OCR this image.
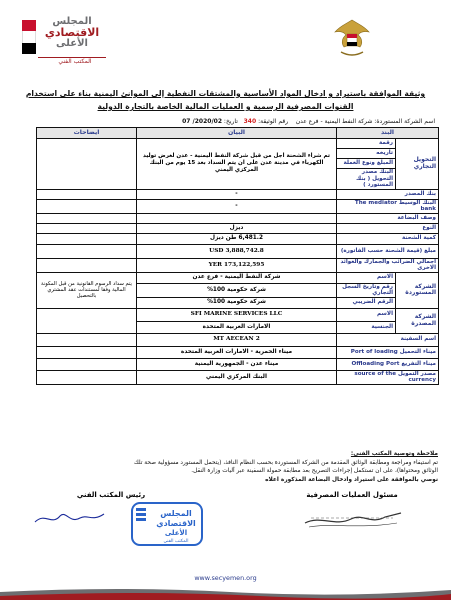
المجلس
الاقتصادي
الأعلى
المكتب الفني
وثيقة الموافقة باستيراد و ادخال المواد الأساسية والمشتقات النفطية إلى الموانئ اليمنية بناء على استخدام
القنوات المصرفية الرسمية و العمليات المالية الخاصة بالتجارة الدولية
اسم الشركة المستوردة: شركة النفط اليمنية - فرع عدن    رقم الوثيقة: 340   تاريخ: 2020/02/ 07
البند		البيان	ايضاحات
التحويل التجاري	رقمة	تم شراء الشحنة اجل من قبل شركة النفط اليمنية - عدن لغرض توليد الكهرباء في مدينة عدن على ان يتم السداد بعد 15 يوم من البنك المركزي اليمني	
	تاريخه		
	المبلغ ونوع العملة		
	البنك مصدر التحويل ( بنك المستورد )		
بنك المصدر		-	
البنك الوسيط The mediator bank		-	
وصف البضاعة			
النوع		ديزل	
كمية الشحنة		6,481.2 طن ديزل	
مبلغ (قيمة الشحنة حسب الفاتورة)		3,888,742.8 USD	
اجمالي الضرائب والجمارك والعوائد الاخرى		YER 173,122,595	
الشركة المستوردة	الاسم	شركة النفط اليمنية - فرع عدن	يتم سداد الرسوم القانونية من قبل المكونة المالية وفقا لمستندات عقد المشتري بالتحصيل
	رقم وتاريخ السجل التجاري	شركة حكومية 100%	
	الرقم الضريبي	شركة حكومية 100%	
الشركة المصدرة	الاسم	SFI MARINE SERVICES LLC	
	الجنسية	الامارات العربية المتحدة	
اسم السفينة		MT AECEAN 2	
ميناء التحميل Port of loading		ميناء الحمرية - الامارات العربية المتحدة	
ميناء التفريغ Offloading Port		ميناء عدن - الجمهورية اليمنية	
مصدر التمويل source of the currency		البنك المركزي اليمني	
ملاحظة وتوصية المكتب الفني:
تم استيفاء ومراجعة ومطابقة الوثائق المقدمة من الشركة المستوردة بحسب النظام النافذ، (يتحمل المستورد مسؤولية صحة تلك
الوثائق ومحتواها)، على ان تستكمل إجراءات التصريح بعد مطابقة حمولة السفينة عبر آليات وزارة النقل.
نوصي بالموافقة على استيراد وادخال البضاعة المذكورة اعلاه
رئيس المكتب الفني	مسئول العمليات المصرفية
المجلس
الاقتصادي
الأعلى
المكتب الفني
www.secyemen.org
